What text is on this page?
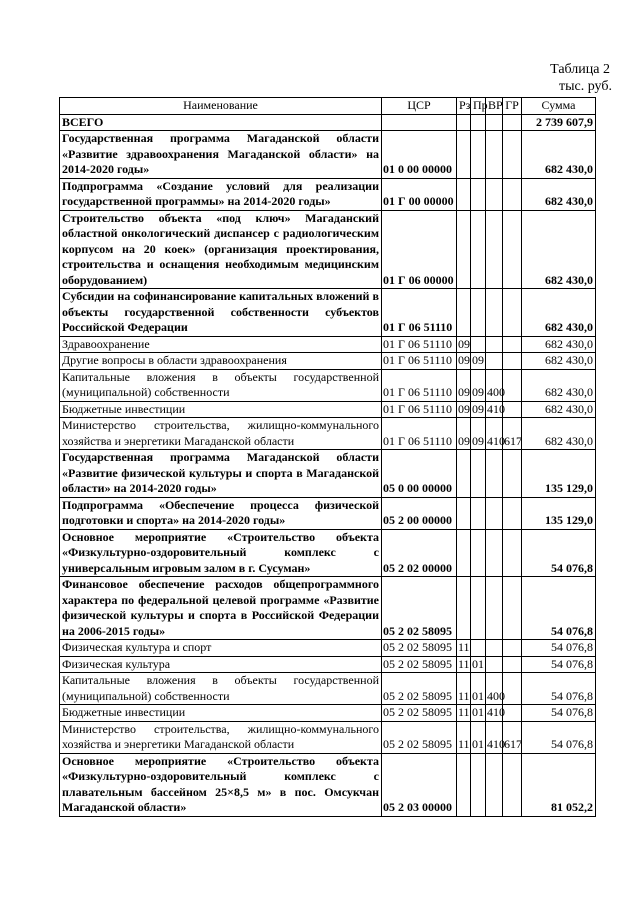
Таблица 2
тыс. руб.
Наименование	ЦСР	Рз	Пр	ВР	ГР	Сумма
ВСЕГО						2 739 607,9
Государственная программа Магаданской области «Развитие здравоохранения Магаданской области» на 2014-2020 годы»	01 0 00 00000					682 430,0
Подпрограмма «Создание условий для реализации государственной программы» на 2014-2020 годы»	01 Г 00 00000					682 430,0
Строительство объекта «под ключ» Магаданский областной онкологический диспансер с радиологическим корпусом на 20 коек» (организация проектирования, строительства и оснащения необходимым медицинским оборудованием)	01 Г 06 00000					682 430,0
Субсидии на софинансирование капитальных вложений в объекты государственной собственности субъектов Российской Федерации	01 Г 06 51110					682 430,0
Здравоохранение	01 Г 06 51110	09				682 430,0
Другие вопросы в области здравоохранения	01 Г 06 51110	09	09			682 430,0
Капитальные вложения в объекты государственной (муниципальной) собственности	01 Г 06 51110	09	09	400		682 430,0
Бюджетные инвестиции	01 Г 06 51110	09	09	410		682 430,0
Министерство строительства, жилищно-коммунального хозяйства и энергетики Магаданской области	01 Г 06 51110	09	09	410	617	682 430,0
Государственная программа Магаданской области «Развитие физической культуры и спорта в Магаданской области» на 2014-2020 годы»	05 0 00 00000					135 129,0
Подпрограмма «Обеспечение процесса физической подготовки и спорта» на 2014-2020 годы»	05 2 00 00000					135 129,0
Основное мероприятие «Строительство объекта «Физкультурно-оздоровительный комплекс с универсальным игровым залом в г. Сусуман»	05 2 02 00000					54 076,8
Финансовое обеспечение расходов общепрограммного характера по федеральной целевой программе «Развитие физической культуры и спорта в Российской Федерации на 2006-2015 годы»	05 2 02 58095					54 076,8
Физическая культура и спорт	05 2 02 58095	11				54 076,8
Физическая культура	05 2 02 58095	11	01			54 076,8
Капитальные вложения в объекты государственной (муниципальной) собственности	05 2 02 58095	11	01	400		54 076,8
Бюджетные инвестиции	05 2 02 58095	11	01	410		54 076,8
Министерство строительства, жилищно-коммунального хозяйства и энергетики Магаданской области	05 2 02 58095	11	01	410	617	54 076,8
Основное мероприятие «Строительство объекта «Физкультурно-оздоровительный комплекс с плавательным бассейном 25×8,5 м» в пос. Омсукчан Магаданской области»	05 2 03 00000					81 052,2
